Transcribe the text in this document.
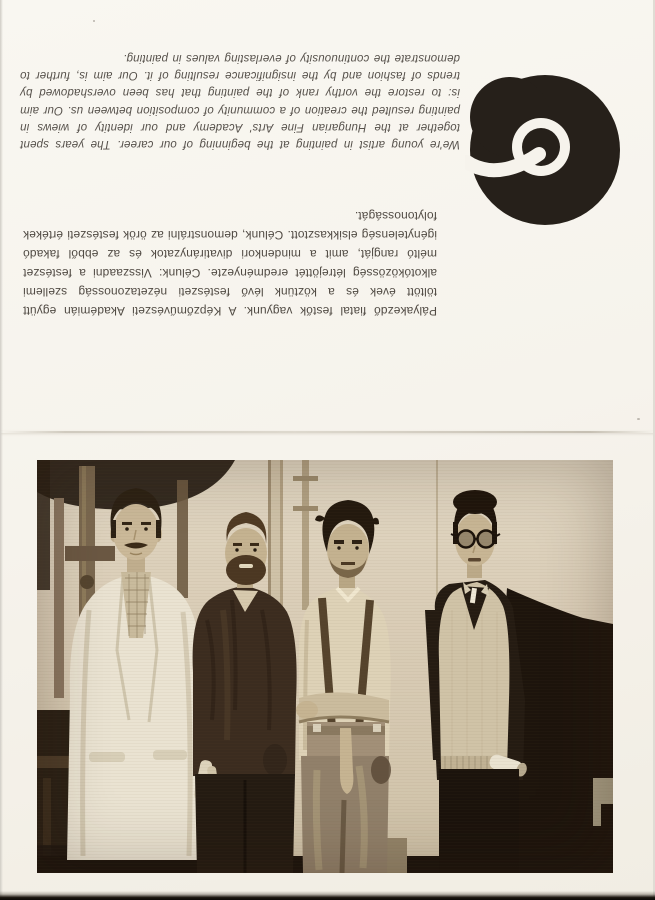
We're young artist in painting at the beginning of our career. The years spent together at the Hungarian Fine Arts' Academy and our identity of wiews in painting resulted the creation of a community of composition between us. Our aim is: to restore the vorthy rank of the painting that has been overshadowed by trends of fashion and by the insignificance resulting of it. Our aim is, further to demonstrate the continuousity of everlasting values in painting.
Pályakezdő fiatal festők vagyunk. A Képzőművészeti Akadémián együtt töltött évek és a köztünk lévő festészeti nézetazonosság szellemi alkotóközösség létrejöttét eredményezte. Célunk: Visszaadni a festészet méltó rangját, amit a mindenkori divatirányzatok és az ebből fakadó igénytelenség elsikkasztott. Célunk, demonstrálni az örök festészeti értékek folytonosságát.
